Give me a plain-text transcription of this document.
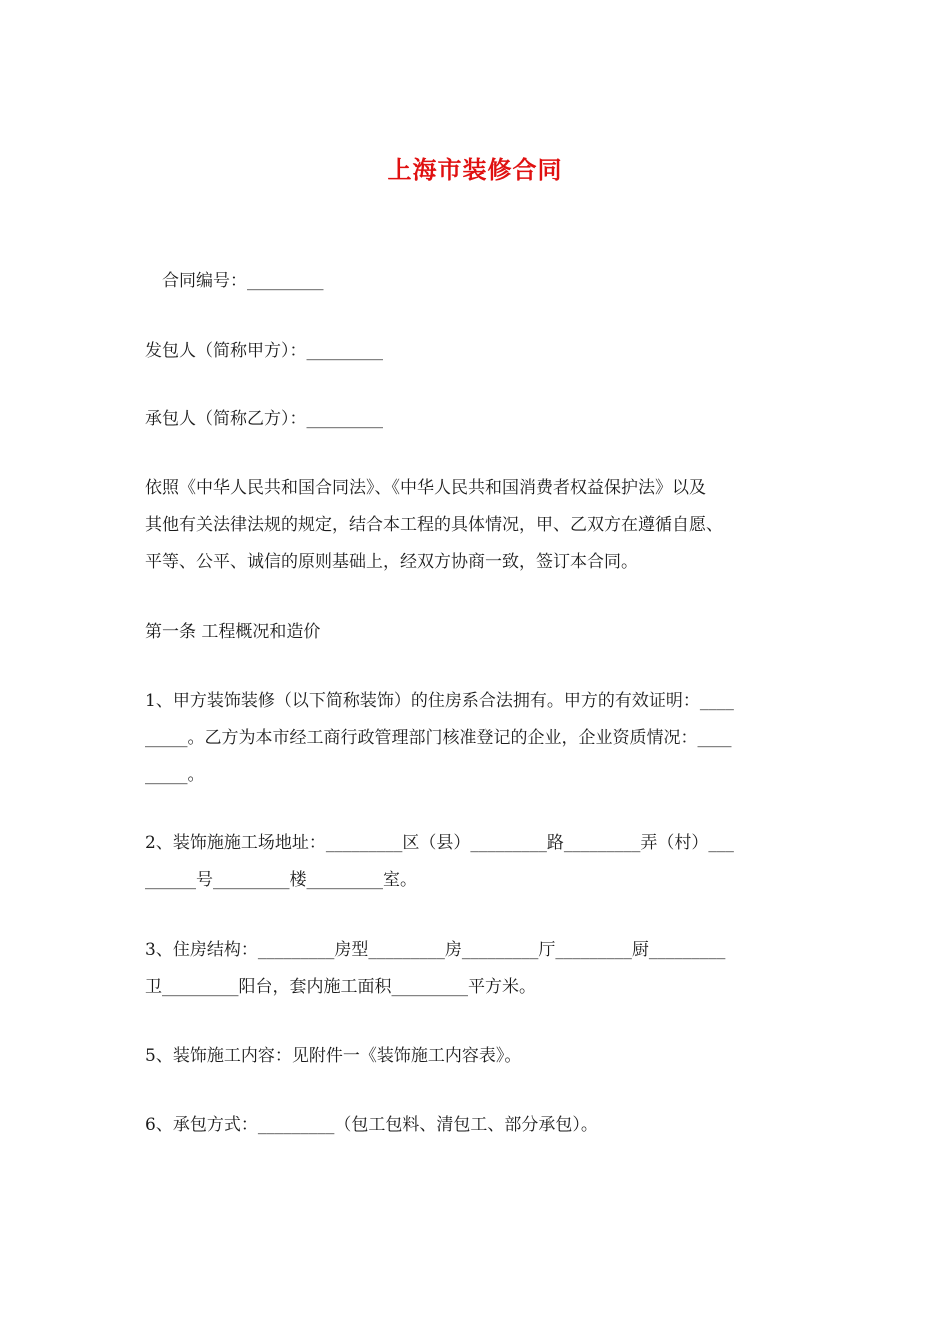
上海市装修合同
　合同编号：_________
发包人（简称甲方）：_________
承包人（简称乙方）：_________
依照《中华人民共和国合同法》、《中华人民共和国消费者权益保护法》以及
其他有关法律法规的规定，结合本工程的具体情况，甲、乙双方在遵循自愿、
平等、公平、诚信的原则基础上，经双方协商一致，签订本合同。
第一条 工程概况和造价
1、甲方装饰装修（以下简称装饰）的住房系合法拥有。甲方的有效证明：____
_____。乙方为本市经工商行政管理部门核准登记的企业，企业资质情况：____
_____。
2、装饰施施工场地址：_________区（县）_________路_________弄（村）___
______号_________楼_________室。
3、住房结构：_________房型_________房_________厅_________厨_________
卫_________阳台，套内施工面积_________平方米。
5、装饰施工内容：见附件一《装饰施工内容表》。
6、承包方式：_________（包工包料、清包工、部分承包）。
